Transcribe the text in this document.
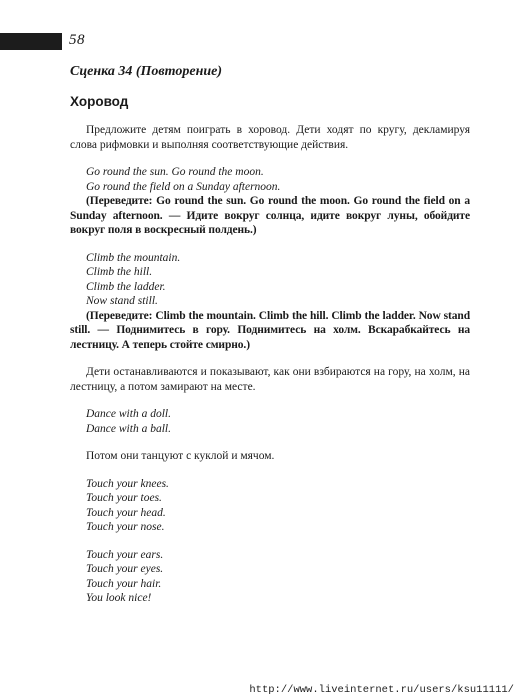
58
Сценка 34 (Повторение)
Хоровод

Предложите детям поиграть в хоровод. Дети ходят по кругу, декламируя слова рифмовки и выполняя соответствующие действия.

Go round the sun. Go round the moon.

Go round the field on a Sunday afternoon.

(Переведите: Go round the sun. Go round the moon. Go round the field on a Sunday afternoon. — Идите вокруг солнца, идите вокруг луны, обойдите вокруг поля в воскресный полдень.)

Climb the mountain.

Climb the hill.

Climb the ladder.

Now stand still.

(Переведите: Climb the mountain. Climb the hill. Climb the ladder. Now stand still. — Поднимитесь в гору. Поднимитесь на холм. Вскарабкайтесь на лестницу. А теперь стойте смирно.)

Дети останавливаются и показывают, как они взбираются на гору, на холм, на лестницу, а потом замирают на месте.

Dance with a doll.

Dance with a ball.

Потом они танцуют с куклой и мячом.

Touch your knees.

Touch your toes.

Touch your head.

Touch your nose.

Touch your ears.

Touch your eyes.

Touch your hair.

You look nice!

http://www.liveinternet.ru/users/ksu11111/
